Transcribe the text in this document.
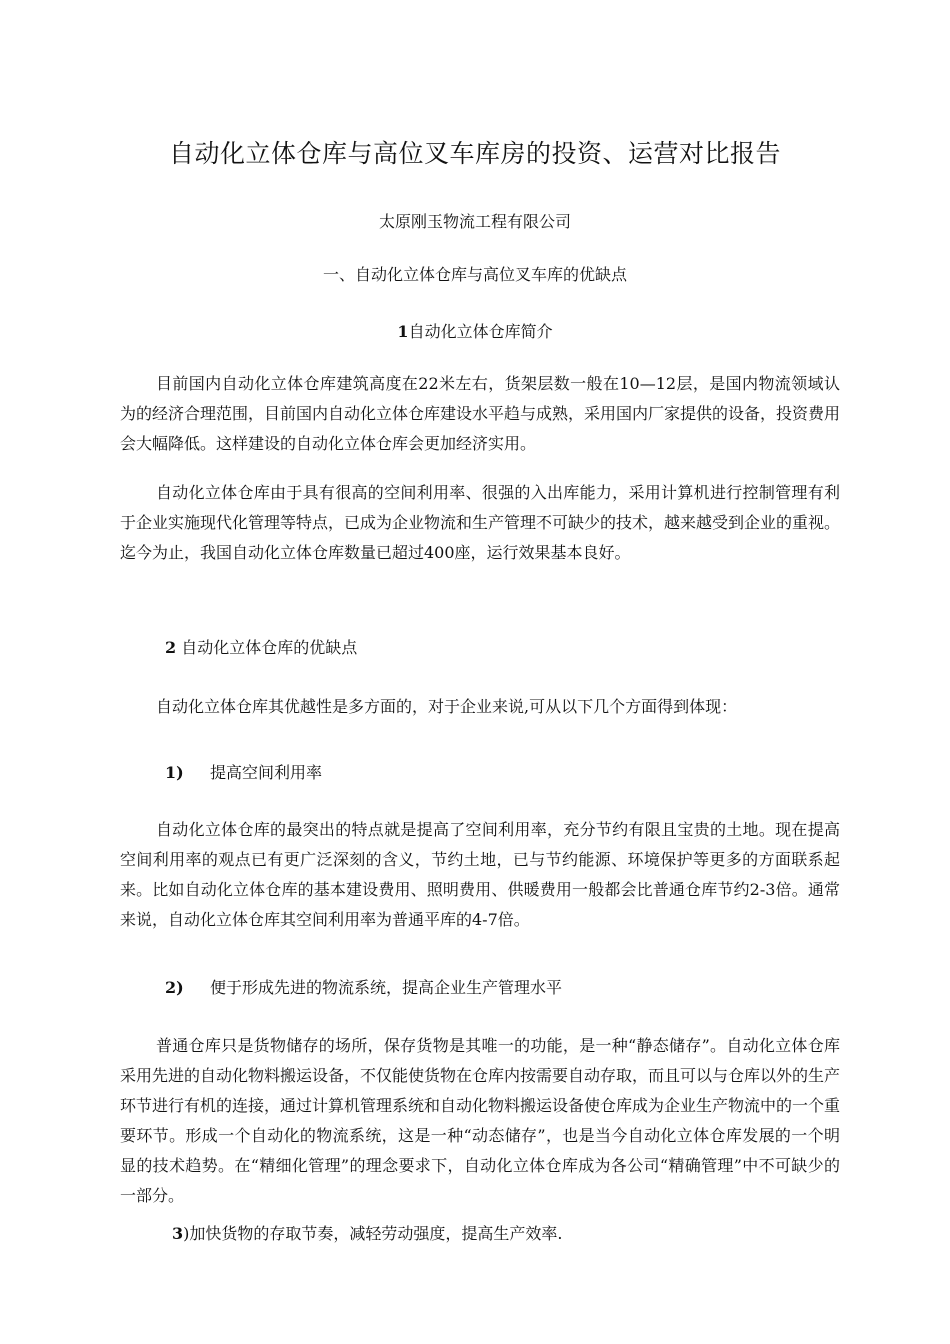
自动化立体仓库与高位叉车库房的投资、运营对比报告
太原刚玉物流工程有限公司
一、自动化立体仓库与高位叉车库的优缺点
1自动化立体仓库简介

目前国内自动化立体仓库建筑高度在22米左右，货架层数一般在10—12层，是国内物流领域认为的经济合理范围，目前国内自动化立体仓库建设水平趋与成熟，采用国内厂家提供的设备，投资费用会大幅降低。这样建设的自动化立体仓库会更加经济实用。

自动化立体仓库由于具有很高的空间利用率、很强的入出库能力，采用计算机进行控制管理有利于企业实施现代化管理等特点，已成为企业物流和生产管理不可缺少的技术，越来越受到企业的重视。迄今为止，我国自动化立体仓库数量已超过400座，运行效果基本良好。

2 自动化立体仓库的优缺点

自动化立体仓库其优越性是多方面的，对于企业来说,可从以下几个方面得到体现：

1) 提高空间利用率

自动化立体仓库的最突出的特点就是提高了空间利用率，充分节约有限且宝贵的土地。现在提高空间利用率的观点已有更广泛深刻的含义，节约土地，已与节约能源、环境保护等更多的方面联系起来。比如自动化立体仓库的基本建设费用、照明费用、供暖费用一般都会比普通仓库节约2-3倍。通常来说，自动化立体仓库其空间利用率为普通平库的4-7倍。

2) 便于形成先进的物流系统，提高企业生产管理水平

普通仓库只是货物储存的场所，保存货物是其唯一的功能，是一种“静态储存”。自动化立体仓库采用先进的自动化物料搬运设备，不仅能使货物在仓库内按需要自动存取，而且可以与仓库以外的生产环节进行有机的连接，通过计算机管理系统和自动化物料搬运设备使仓库成为企业生产物流中的一个重要环节。形成一个自动化的物流系统，这是一种“动态储存”，也是当今自动化立体仓库发展的一个明显的技术趋势。在“精细化管理”的理念要求下，自动化立体仓库成为各公司“精确管理”中不可缺少的一部分。

3)加快货物的存取节奏，减轻劳动强度，提高生产效率.
